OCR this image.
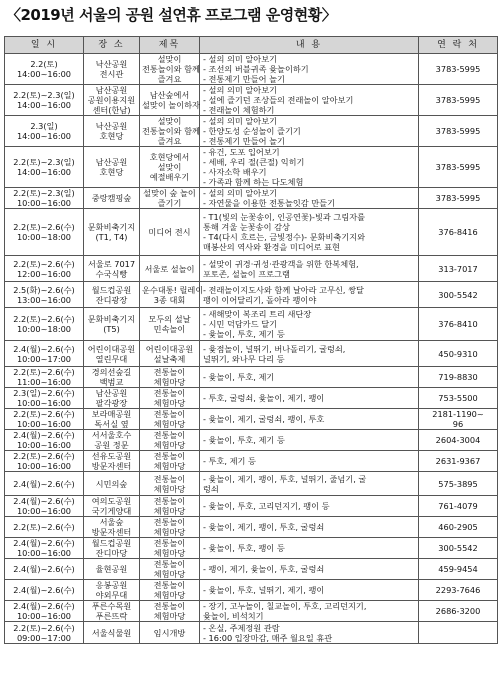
〈2019년 서울의 공원 설연휴 프로그램 운영현황〉
일 시	장 소	제목	내 용	연 락 처

2.2(토)
14:00~16:00	낙산공원
전시관	설맞이
전통놀이와 함께
즐겨요	- 설의 의미 알아보기
- 조선의 버블귀족 윷놀이하기
- 전통제기 만들어 놀기	3783-5995

2.2(토)~2.3(일)
14:00~16:00	남산공원
공원이용지원
센터(한남)	남산숲에서
설맞이 놀이하자	- 설의 의미 알아보기
- 설에 즐기던 조상들의 전래놀이 알아보기
- 전래놀이 체험하기	3783-5995

2.3(일)
14:00~16:00	낙산공원
호현당	설맞이
전통놀이와 함께
즐겨요	- 설의 의미 알아보기
- 한양도성 순성놀이 즐기기
- 전통제기 만들어 놀기	3783-5995

2.2(토)~2.3(일)
14:00~16:00	남산공원
호현당	호현당에서
설맞이
예절배우기	- 유건, 도포 입어보기
- 세배, 우리 절(큰절) 익히기
- 사자소학 배우기
- 가족과 함께 하는 다도체험	3783-5995

2.2(토)~2.3(일)
10:00~16:00	중랑캠핑숲	설맞이 숲 놀이
즐기기	- 설의 의미 알아보기
- 자연물을 이용한 전통놀잇감 만들기	3783-5995

2.2(토)~2.6(수)
10:00~18:00	문화비축기지
(T1, T4)	미디어 전시	- T1(빛의 눈꽃송이, 인공연꽃)-빛과 그림자를
통해 겨울 눈꽃송이 감상
- T4(다시 흐르는, 금빛정수)- 문화비축기지와
매봉산의 역사와 환경을 미디어로 표현	376-8416

2.2(토)~2.6(수)
12:00~16:00	서울로 7017
수국식빵	서울로 설놀이	- 설맞이 귀경·귀성·관광객을 위한 한복체험,
포토존, 설놀이 프로그램	313-7017

2.5(화)~2.6(수)
13:00~16:00	월드컵공원
잔디광장	운수대통! 릴레이
3종 대회	- 전래놀이지도사와 함께 날아라 고무신, 쌍달
팽이 이어달리기, 돌아라 팽이야	300-5542

2.2(토)~2.6(수)
10:00~18:00	문화비축기지
(T5)	모두의 설날
민속놀이	- 새해맞이 복조리 트리 새단장
- 시민 덕담카드 달기
- 윷놀이, 투호, 제기 등	376-8410

2.4(월)~2.6(수)
10:00~17:00	어린이대공원
열린무대	어린이대공원
설날축제	- 윷점놀이, 널뛰기, 버나돌리기, 굴렁쇠,
널뛰기, 와나무 다리 등	450-9310

2.2(토)~2.6(수)
11:00~16:00	경의선숲길
백범교	전통놀이
체험마당	- 윷놀이, 투호, 제기	719-8830

2.3(일)~2.6(수)
10:00~16:00	남산공원
팔각광장	전통놀이
체험마당	- 투호, 굴렁쇠, 윷놀이, 제기, 팽이	753-5500

2.2(토)~2.6(수)
10:00~16:00	보라매공원
독서실 옆	전통놀이
체험마당	- 윷놀이, 제기, 굴렁쇠, 팽이, 투호	2181-1190~
96

2.4(월)~2.6(수)
10:00~16:00	서서울호수
공원 정문	전통놀이
체험마당	- 윷놀이, 투호, 제기 등	2604-3004

2.2(토)~2.6(수)
10:00~16:00	선유도공원
방문자센터	전통놀이
체험마당	- 투호, 제기 등	2631-9367

2.4(월)~2.6(수)	시민의숲	전통놀이
체험마당	- 윷놀이, 제기, 팽이, 투호, 널뛰기, 줄넘기, 굴
렁쇠	575-3895

2.4(월)~2.6(수)
10:00~16:00	여의도공원
국기게양대	전통놀이
체험마당	- 윷놀이, 투호, 고리던지기, 팽이 등	761-4079

2.2(토)~2.6(수)	서울숲
방문자센터	전통놀이
체험마당	- 윷놀이, 제기, 팽이, 투호, 굴렁쇠	460-2905

2.4(월)~2.6(수)
10:00~16:00	월드컵공원
잔디마당	전통놀이
체험마당	- 윷놀이, 투호, 팽이 등	300-5542

2.4(월)~2.6(수)	율현공원	전통놀이
체험마당	- 팽이, 제기, 윷놀이, 투호, 굴렁쇠	459-9454

2.4(월)~2.6(수)	응봉공원
야외무대	전통놀이
체험마당	- 윷놀이, 투호, 널뛰기, 제기, 팽이	2293-7646

2.4(월)~2.6(수)
10:00~16:00	푸른수목원
푸른뜨락	전통놀이
체험마당	- 장기, 고누놀이, 칠교놀이, 투호, 고리던지기,
윷놀이, 비석치기	2686-3200

2.2(토)~2.6(수)
09:00~17:00	서울식물원	임시개방	- 온실, 주제정원 관람
- 16:00 입장마감, 매주 월요일 휴관	
